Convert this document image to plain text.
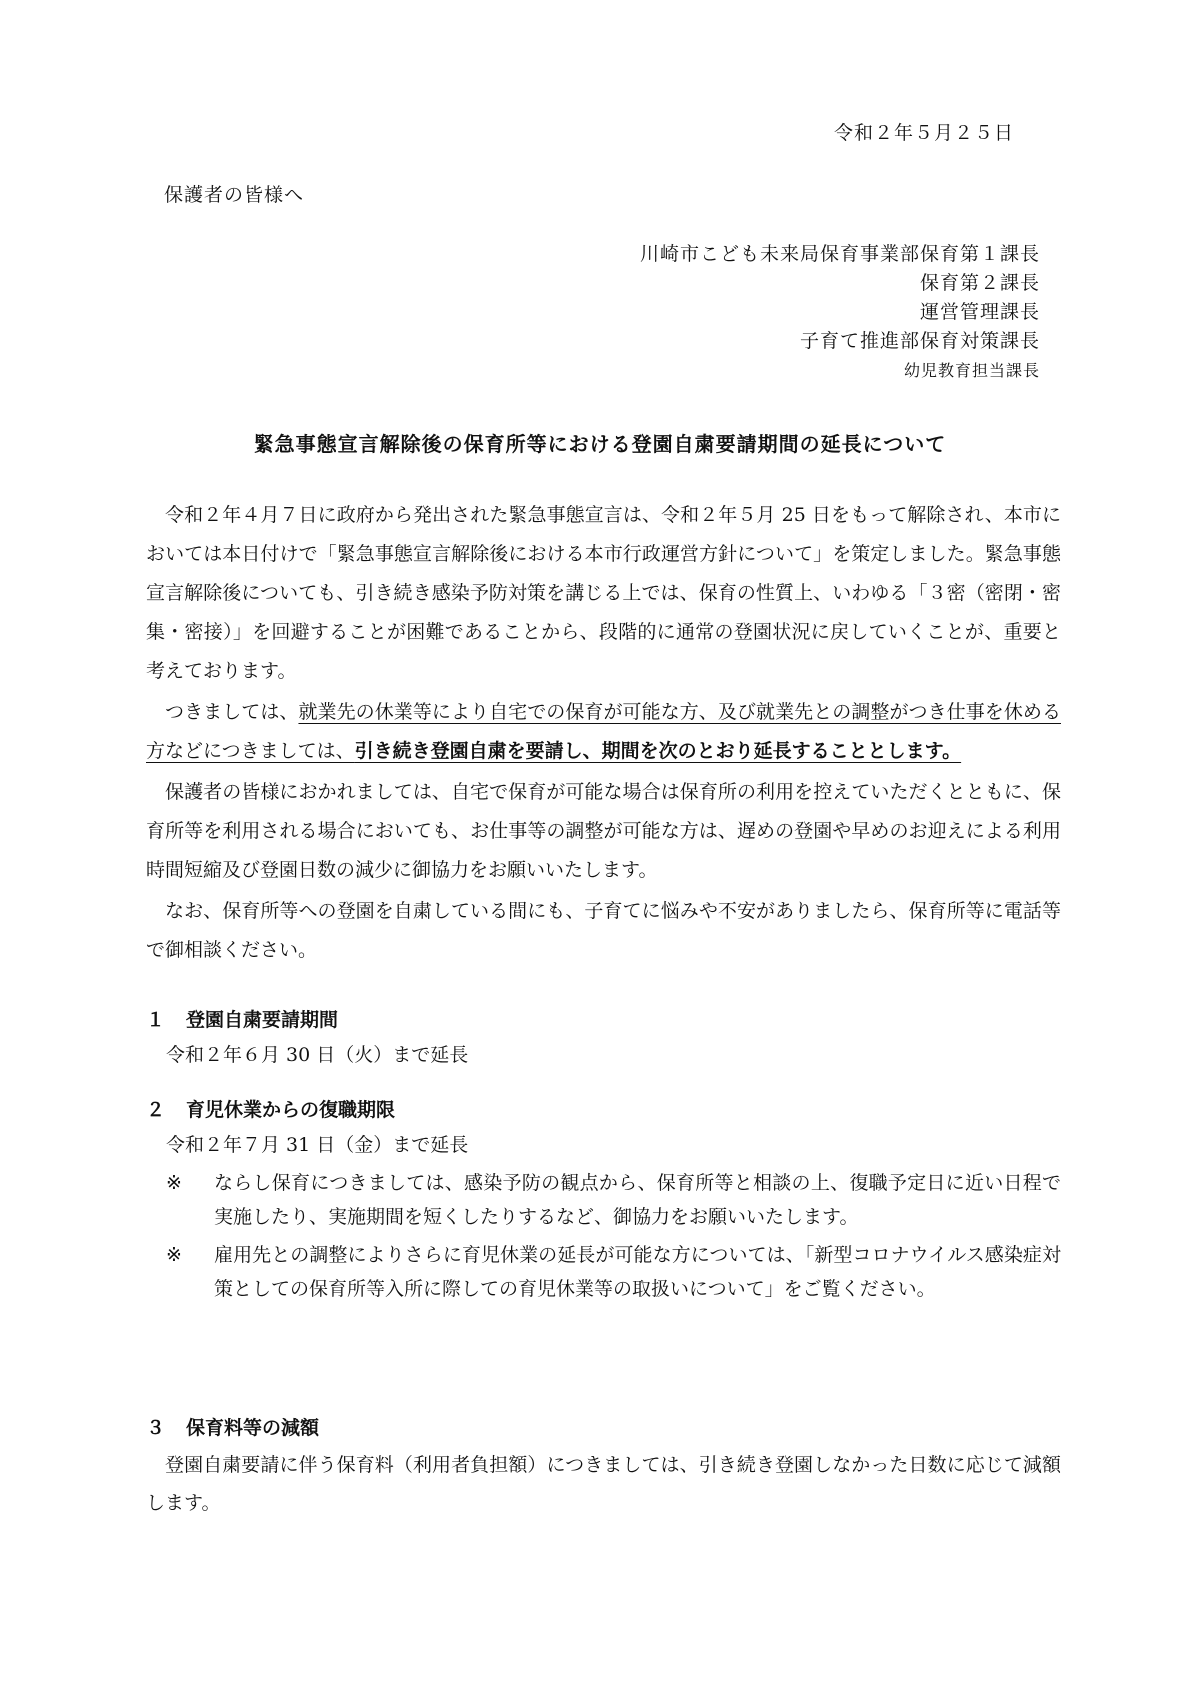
令和２年５月２５日
保護者の皆様へ
川崎市こども未来局保育事業部保育第１課長
保育第２課長
運営管理課長
子育て推進部保育対策課長
幼児教育担当課長
緊急事態宣言解除後の保育所等における登園自粛要請期間の延長について

令和２年４月７日に政府から発出された緊急事態宣言は、令和２年５月 25 日をもって解除され、本市においては本日付けで「緊急事態宣言解除後における本市行政運営方針について」を策定しました。緊急事態宣言解除後についても、引き続き感染予防対策を講じる上では、保育の性質上、いわゆる「３密（密閉・密集・密接）」を回避することが困難であることから、段階的に通常の登園状況に戻していくことが、重要と考えております。

つきましては、就業先の休業等により自宅での保育が可能な方、及び就業先との調整がつき仕事を休める方などにつきましては、引き続き登園自粛を要請し、期間を次のとおり延長することとします。

保護者の皆様におかれましては、自宅で保育が可能な場合は保育所の利用を控えていただくとともに、保育所等を利用される場合においても、お仕事等の調整が可能な方は、遅めの登園や早めのお迎えによる利用時間短縮及び登園日数の減少に御協力をお願いいたします。

なお、保育所等への登園を自粛している間にも、子育てに悩みや不安がありましたら、保育所等に電話等で御相談ください。

１	登園自粛要請期間
令和２年６月 30 日（火）まで延長
２	育児休業からの復職期限
令和２年７月 31 日（金）まで延長
※	ならし保育につきましては、感染予防の観点から、保育所等と相談の上、復職予定日に近い日程で実施したり、実施期間を短くしたりするなど、御協力をお願いいたします。
※	雇用先との調整によりさらに育児休業の延長が可能な方については、「新型コロナウイルス感染症対策としての保育所等入所に際しての育児休業等の取扱いについて」をご覧ください。
３	保育料等の減額
登園自粛要請に伴う保育料（利用者負担額）につきましては、引き続き登園しなかった日数に応じて減額します。
